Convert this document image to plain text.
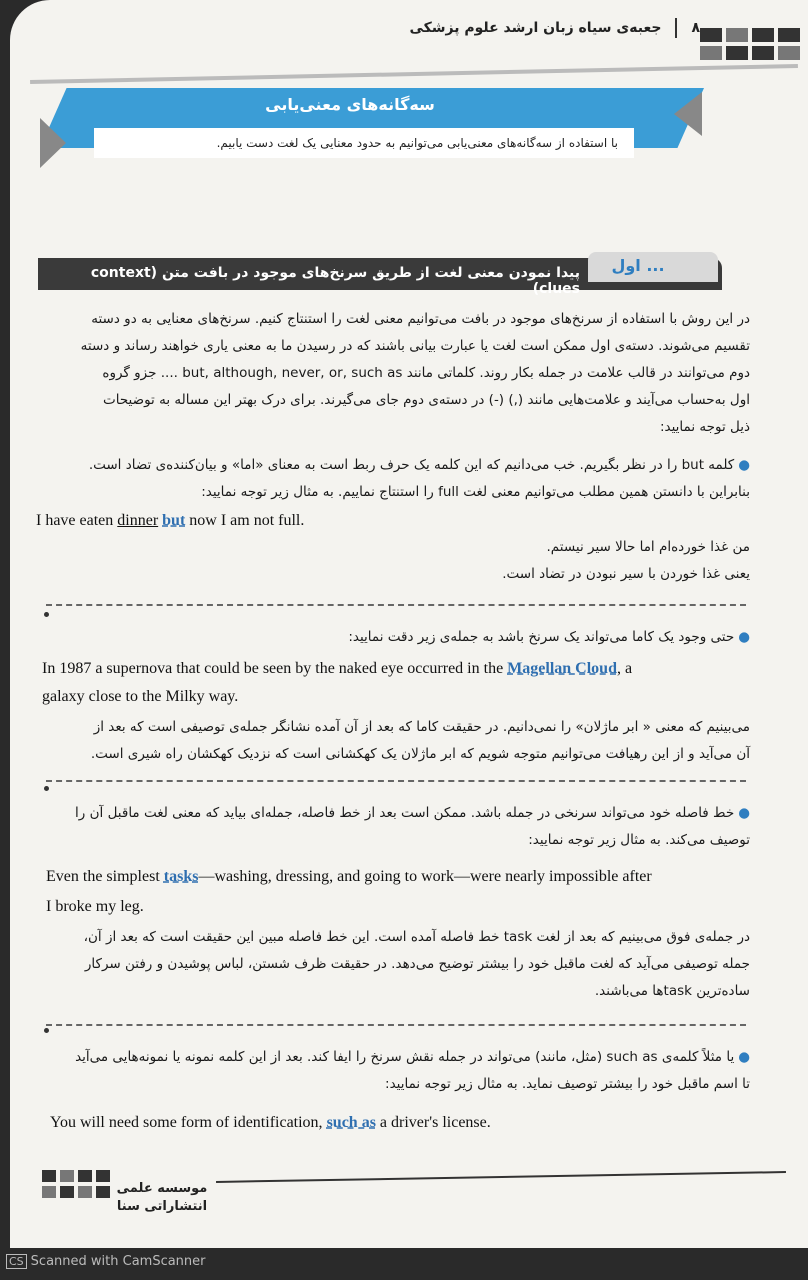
۸
جعبه‌ی سیاه زبان ارشد علوم پزشکی
سه‌گانه‌های معنی‌یابی
با استفاده از سه‌گانه‌های معنی‌یابی می‌توانیم به حدود معنایی یک لغت دست یابیم.
اول ...
پیدا نمودن معنی لغت از طریق سرنخ‌های موجود در بافت متن (context clues)
در این روش با استفاده از سرنخ‌های موجود در بافت می‌توانیم معنی لغت را استنتاج کنیم. سرنخ‌های معنایی به دو دسته
تقسیم می‌شوند. دسته‌ی اول ممکن است لغت یا عبارت بیانی باشند که در رسیدن ما به معنی یاری خواهند رساند و دسته
دوم می‌توانند در قالب علامت در جمله بکار روند. کلماتی مانند but, although, never, or, such as .... جزو گروه
اول به‌حساب می‌آیند و علامت‌هایی مانند (,) (-) در دسته‌ی دوم جای می‌گیرند. برای درک بهتر این مساله به توضیحات
ذیل توجه نمایید:
●کلمه but را در نظر بگیریم. خب می‌دانیم که این کلمه یک حرف ربط است به معنای «اما» و بیان‌کننده‌ی تضاد است.
بنابراین با دانستن همین مطلب می‌توانیم معنی لغت full را استنتاج نماییم. به مثال زیر توجه نمایید:
I have eaten dinner but now I am not full.
من غذا خورده‌ام اما حالا سیر نیستم.
یعنی غذا خوردن با سیر نبودن در تضاد است.
●حتی وجود یک کاما می‌تواند یک سرنخ باشد به جمله‌ی زیر دقت نمایید:
In 1987 a supernova that could be seen by the naked eye occurred in the Magellan Cloud, a
galaxy close to the Milky way.
می‌بینیم که معنی « ابر ماژلان» را نمی‌دانیم. در حقیقت کاما که بعد از آن آمده نشانگر جمله‌ی توصیفی است که بعد از
آن می‌آید و از این رهیافت می‌توانیم متوجه شویم که ابر ماژلان یک کهکشانی است که نزدیک کهکشان راه شیری است.
●خط فاصله خود می‌تواند سرنخی در جمله باشد. ممکن است بعد از خط فاصله، جمله‌ای بیاید که معنی لغت ماقبل آن را
توصیف می‌کند. به مثال زیر توجه نمایید:
Even the simplest tasks—washing, dressing, and going to work—were nearly impossible after
I broke my leg.
در جمله‌ی فوق می‌بینیم که بعد از لغت task خط فاصله آمده است. این خط فاصله مبین این حقیقت است که بعد از آن،
جمله توصیفی می‌آید که لغت ماقبل خود را بیشتر توضیح می‌دهد. در حقیقت ظرف شستن، لباس پوشیدن و رفتن سرکار
ساده‌ترین task‌ها می‌باشند.
●یا مثلاً کلمه‌ی such as (مثل، مانند) می‌تواند در جمله نقش سرنخ را ایفا کند. بعد از این کلمه نمونه یا نمونه‌هایی می‌آید
تا اسم ماقبل خود را بیشتر توصیف نماید. به مثال زیر توجه نمایید:
You will need some form of identification, such as a driver's license.
موسسه علمی
انتشاراتی سنا
CS Scanned with CamScanner
